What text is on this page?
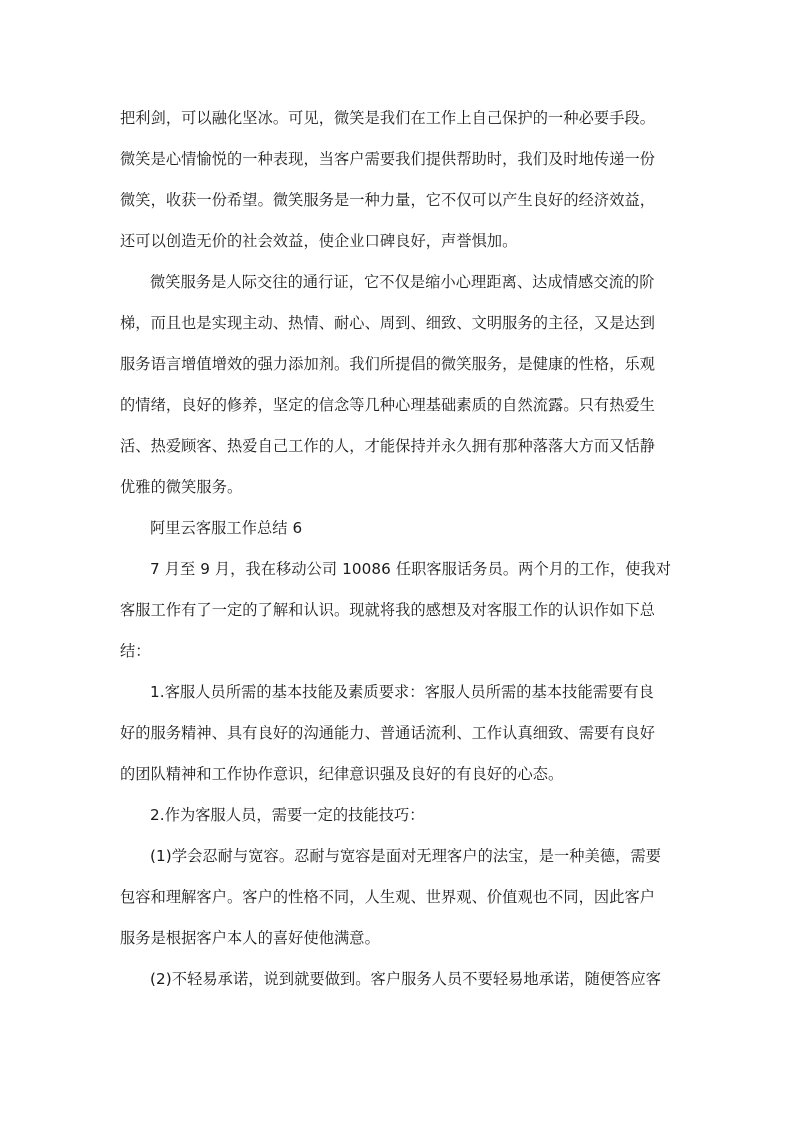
把利剑，可以融化坚冰。可见，微笑是我们在工作上自己保护的一种必要手段。
微笑是心情愉悦的一种表现，当客户需要我们提供帮助时，我们及时地传递一份
微笑，收获一份希望。微笑服务是一种力量，它不仅可以产生良好的经济效益，
还可以创造无价的社会效益，使企业口碑良好，声誉惧加。
微笑服务是人际交往的通行证，它不仅是缩小心理距离、达成情感交流的阶
梯，而且也是实现主动、热情、耐心、周到、细致、文明服务的主径，又是达到
服务语言增值增效的强力添加剂。我们所提倡的微笑服务，是健康的性格，乐观
的情绪，良好的修养，坚定的信念等几种心理基础素质的自然流露。只有热爱生
活、热爱顾客、热爱自己工作的人，才能保持并永久拥有那种落落大方而又恬静
优雅的微笑服务。
阿里云客服工作总结 6
7 月至 9 月，我在移动公司 10086 任职客服话务员。两个月的工作，使我对
客服工作有了一定的了解和认识。现就将我的感想及对客服工作的认识作如下总
结：
1.客服人员所需的基本技能及素质要求：客服人员所需的基本技能需要有良
好的服务精神、具有良好的沟通能力、普通话流利、工作认真细致、需要有良好
的团队精神和工作协作意识，纪律意识强及良好的有良好的心态。
2.作为客服人员，需要一定的技能技巧：
(1)学会忍耐与宽容。忍耐与宽容是面对无理客户的法宝，是一种美德，需要
包容和理解客户。客户的性格不同，人生观、世界观、价值观也不同，因此客户
服务是根据客户本人的喜好使他满意。
(2)不轻易承诺，说到就要做到。客户服务人员不要轻易地承诺，随便答应客
